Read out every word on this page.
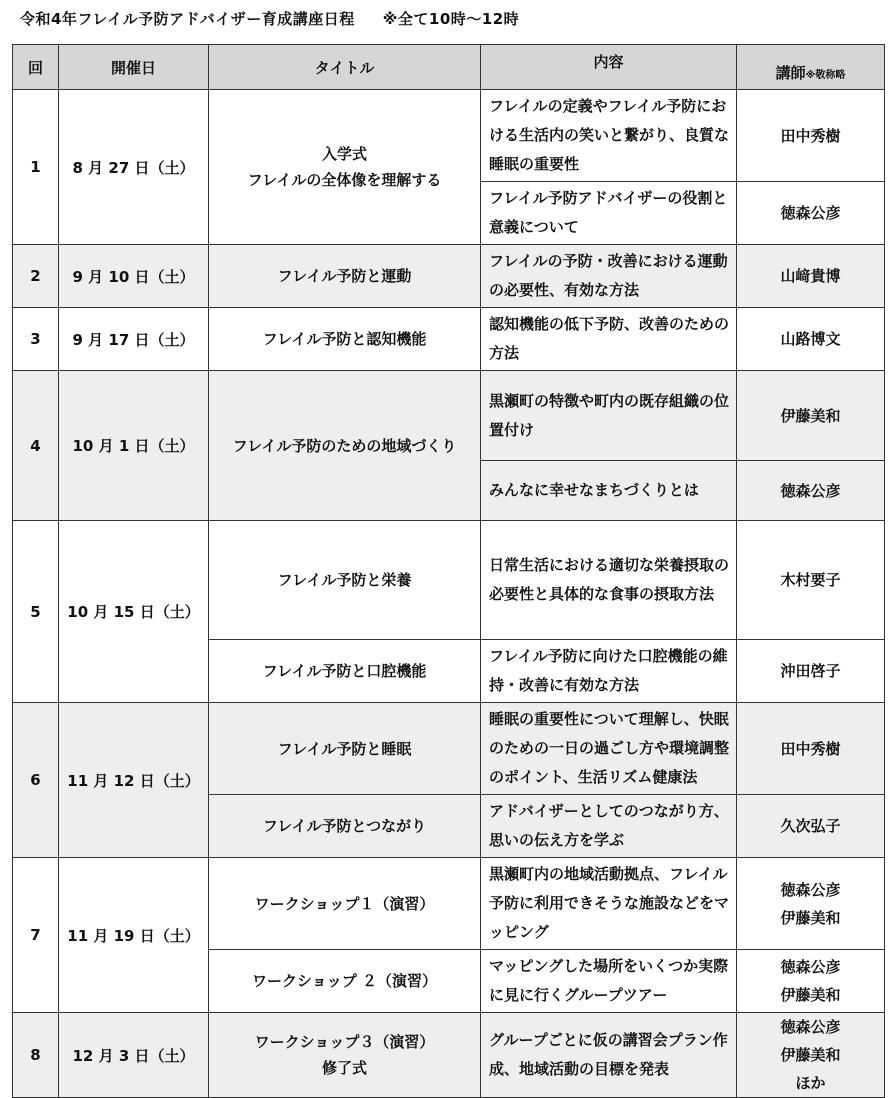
令和4年フレイル予防アドバイザー育成講座日程 ※全て10時～12時
回	開催日	タイトル	内容	講師※敬称略
1	8 月 27 日（土）	入学式
フレイルの全体像を理解する	フレイルの定義やフレイル予防における生活内の笑いと繋がり、良質な睡眠の重要性	田中秀樹
			フレイル予防アドバイザーの役割と意義について	徳森公彦
2	9 月 10 日（土）	フレイル予防と運動	フレイルの予防・改善における運動の必要性、有効な方法	山﨑貴博
3	9 月 17 日（土）	フレイル予防と認知機能	認知機能の低下予防、改善のための方法	山路博文
4	10 月 1 日（土）	フレイル予防のための地域づくり	黒瀬町の特徴や町内の既存組織の位置付け	伊藤美和
			みんなに幸せなまちづくりとは	徳森公彦
5	10 月 15 日（土）	フレイル予防と栄養	日常生活における適切な栄養摂取の必要性と具体的な食事の摂取方法	木村要子
		フレイル予防と口腔機能	フレイル予防に向けた口腔機能の維持・改善に有効な方法	沖田啓子
6	11 月 12 日（土）	フレイル予防と睡眠	睡眠の重要性について理解し、快眠のための一日の過ごし方や環境調整のポイント、生活リズム健康法	田中秀樹
		フレイル予防とつながり	アドバイザーとしてのつながり方、思いの伝え方を学ぶ	久次弘子
7	11 月 19 日（土）	ワークショップ１（演習）	黒瀬町内の地域活動拠点、フレイル予防に利用できそうな施設などをマッピング	徳森公彦
伊藤美和
		ワークショップ ２（演習）	マッピングした場所をいくつか実際に見に行くグループツアー	徳森公彦
伊藤美和
8	12 月 3 日（土）	ワークショップ３（演習）
修了式	グループごとに仮の講習会プラン作成、地域活動の目標を発表	徳森公彦
伊藤美和
ほか
